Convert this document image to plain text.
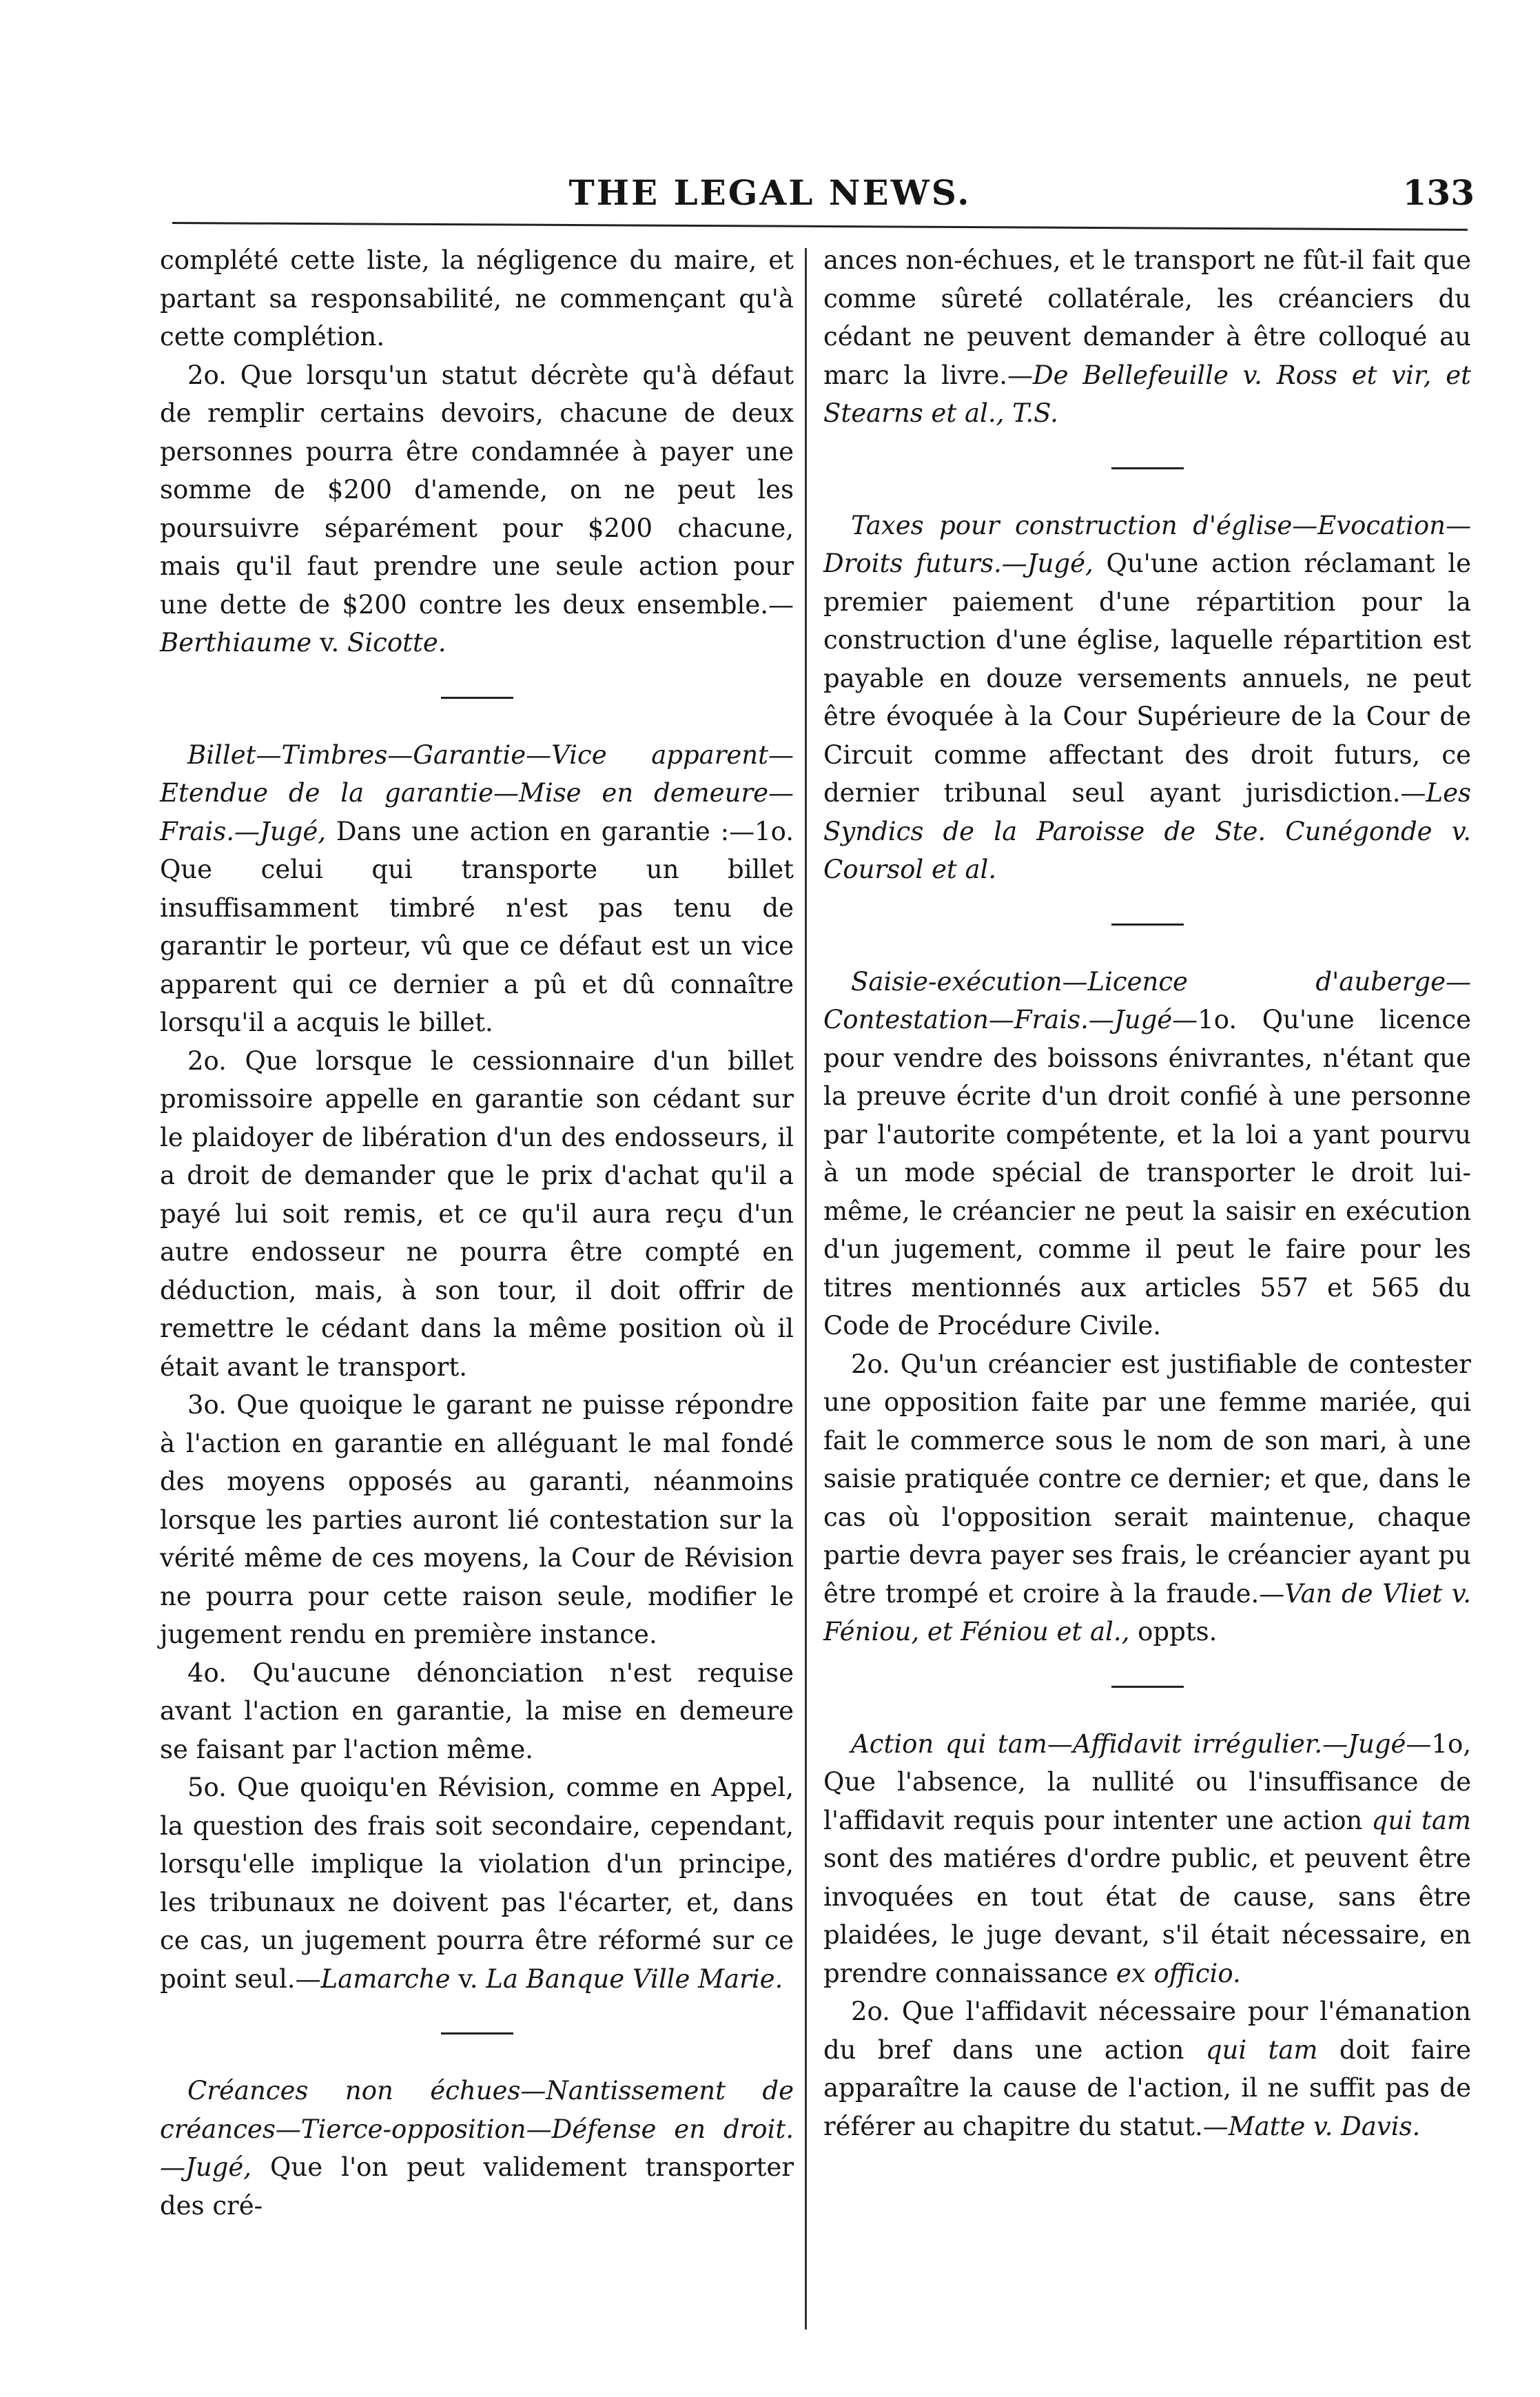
THE LEGAL NEWS.	133

complété cette liste, la négligence du maire, et partant sa responsabilité, ne commençant qu'à cette complétion.

2o. Que lorsqu'un statut décrète qu'à défaut de remplir certains devoirs, chacune de deux personnes pourra être condamnée à payer une somme de $200 d'amende, on ne peut les poursuivre séparément pour $200 chacune, mais qu'il faut prendre une seule action pour une dette de $200 contre les deux ensemble.—Berthiaume v. Sicotte.

Billet—Timbres—Garantie—Vice apparent—Etendue de la garantie—Mise en demeure—Frais.—Jugé, Dans une action en garantie :—1o. Que celui qui transporte un billet insuffisamment timbré n'est pas tenu de garantir le porteur, vû que ce défaut est un vice apparent qui ce dernier a pû et dû connaître lorsqu'il a acquis le billet.

2o. Que lorsque le cessionnaire d'un billet promissoire appelle en garantie son cédant sur le plaidoyer de libération d'un des endosseurs, il a droit de demander que le prix d'achat qu'il a payé lui soit remis, et ce qu'il aura reçu d'un autre endosseur ne pourra être compté en déduction, mais, à son tour, il doit offrir de remettre le cédant dans la même position où il était avant le transport.

3o. Que quoique le garant ne puisse répondre à l'action en garantie en alléguant le mal fondé des moyens opposés au garanti, néanmoins lorsque les parties auront lié contestation sur la vérité même de ces moyens, la Cour de Révision ne pourra pour cette raison seule, modifier le jugement rendu en première instance.

4o. Qu'aucune dénonciation n'est requise avant l'action en garantie, la mise en demeure se faisant par l'action même.

5o. Que quoiqu'en Révision, comme en Appel, la question des frais soit secondaire, cependant, lorsqu'elle implique la violation d'un principe, les tribunaux ne doivent pas l'écarter, et, dans ce cas, un jugement pourra être réformé sur ce point seul.—Lamarche v. La Banque Ville Marie.

Créances non échues—Nantissement de créances—Tierce-opposition—Défense en droit.—Jugé, Que l'on peut validement transporter des cré-

ances non-échues, et le transport ne fût-il fait que comme sûreté collatérale, les créanciers du cédant ne peuvent demander à être colloqué au marc la livre.—De Bellefeuille v. Ross et vir, et Stearns et al., T.S.

Taxes pour construction d'église—Evocation—Droits futurs.—Jugé, Qu'une action réclamant le premier paiement d'une répartition pour la construction d'une église, laquelle répartition est payable en douze versements annuels, ne peut être évoquée à la Cour Supérieure de la Cour de Circuit comme affectant des droit futurs, ce dernier tribunal seul ayant jurisdiction.—Les Syndics de la Paroisse de Ste. Cunégonde v. Coursol et al.

Saisie-exécution—Licence d'auberge—Contestation—Frais.—Jugé—1o. Qu'une licence pour vendre des boissons énivrantes, n'étant que la preuve écrite d'un droit confié à une personne par l'autorite compétente, et la loi a yant pourvu à un mode spécial de transporter le droit lui-même, le créancier ne peut la saisir en exécution d'un jugement, comme il peut le faire pour les titres mentionnés aux articles 557 et 565 du Code de Procédure Civile.

2o. Qu'un créancier est justifiable de contester une opposition faite par une femme mariée, qui fait le commerce sous le nom de son mari, à une saisie pratiquée contre ce dernier; et que, dans le cas où l'opposition serait maintenue, chaque partie devra payer ses frais, le créancier ayant pu être trompé et croire à la fraude.—Van de Vliet v. Féniou, et Féniou et al., oppts.

Action qui tam—Affidavit irrégulier.—Jugé—1o, Que l'absence, la nullité ou l'insuffisance de l'affidavit requis pour intenter une action qui tam sont des matiéres d'ordre public, et peuvent être invoquées en tout état de cause, sans être plaidées, le juge devant, s'il était nécessaire, en prendre connaissance ex officio.

2o. Que l'affidavit nécessaire pour l'émanation du bref dans une action qui tam doit faire apparaître la cause de l'action, il ne suffit pas de référer au chapitre du statut.—Matte v. Davis.
